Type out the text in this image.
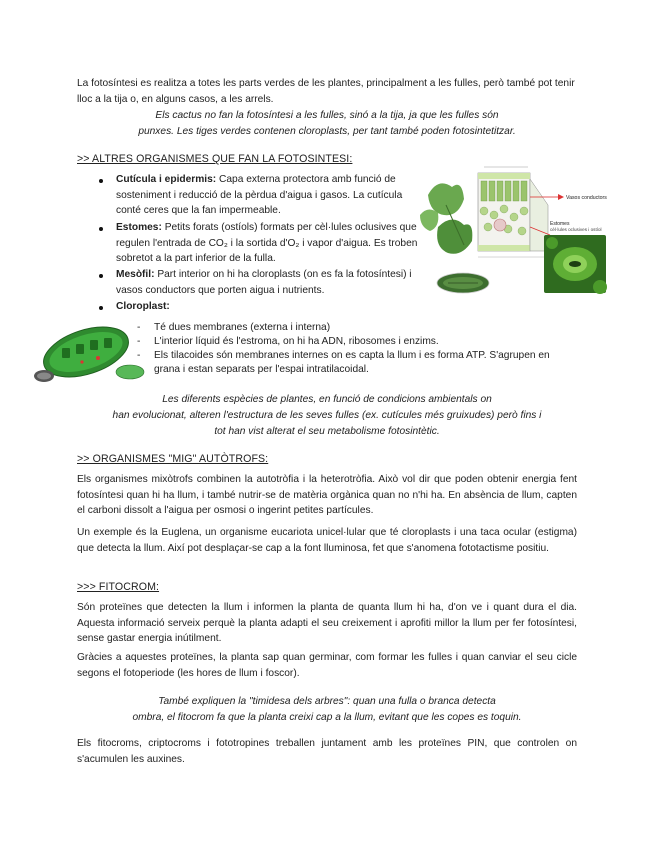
La fotosíntesi es realitza a totes les parts verdes de les plantes, principalment a les fulles, però també pot tenir lloc a la tija o, en alguns casos, a les arrels.

Els cactus no fan la fotosíntesi a les fulles, sinó a la tija, ja que les fulles són

punxes. Les tiges verdes contenen cloroplasts, per tant també poden fotosintetitzar.

>> ALTRES ORGANISMES QUE FAN LA FOTOSINTESI:

Cutícula i epidermis: Capa externa protectora amb funció de sosteniment i reducció de la pèrdua d'aigua i gasos. La cutícula conté ceres que la fan impermeable.

Estomes: Petits forats (ostíols) formats per cèl·lules oclusives que regulen l'entrada de CO₂ i la sortida d'O₂ i vapor d'aigua. Es troben sobretot a la part inferior de la fulla.

Mesòfil: Part interior on hi ha cloroplasts (on es fa la fotosíntesi) i vasos conductors que porten aigua i nutrients.

Cloroplast:

- Té dues membranes (externa i interna)

- L'interior líquid és l'estroma, on hi ha ADN, ribosomes i enzims.

- Els tilacoides són membranes internes on es capta la llum i es forma ATP. S'agrupen en

grana i estan separats per l'espai intratilacoidal.

Vasos conductors
Estomes
cèl·lules oclusives i ostíol

Les diferents espècies de plantes, en funció de condicions ambientals on

han evolucionat, alteren l'estructura de les seves fulles (ex. cutícules més gruixudes) però fins i

tot han vist alterat el seu metabolisme fotosintètic.

>> ORGANISMES "MIG" AUTÒTROFS:

Els organismes mixòtrofs combinen la autotròfia i la heterotròfia. Això vol dir que poden obtenir energia fent fotosíntesi quan hi ha llum, i també nutrir-se de matèria orgànica quan no n'hi ha. En absència de llum, capten el carboni dissolt a l'aigua per osmosi o ingerint petites partícules.

Un exemple és la Euglena, un organisme eucariota unicel·lular que té cloroplasts i una taca ocular (estigma) que detecta la llum. Així pot desplaçar-se cap a la font lluminosa, fet que s'anomena fototactisme positiu.

>>> FITOCROM:

Són proteïnes que detecten la llum i informen la planta de quanta llum hi ha, d'on ve i quant dura el dia. Aquesta informació serveix perquè la planta adapti el seu creixement i aprofiti millor la llum per fer fotosíntesi, sense gastar energia inútilment.

Gràcies a aquestes proteïnes, la planta sap quan germinar, com formar les fulles i quan canviar el seu cicle segons el fotoperiode (les hores de llum i foscor).

També expliquen la "timidesa dels arbres": quan una fulla o branca detecta

ombra, el fitocrom fa que la planta creixi cap a la llum, evitant que les copes es toquin.

Els fitocroms, criptocroms i fototropines treballen juntament amb les proteïnes PIN, que controlen on s'acumulen les auxines.
